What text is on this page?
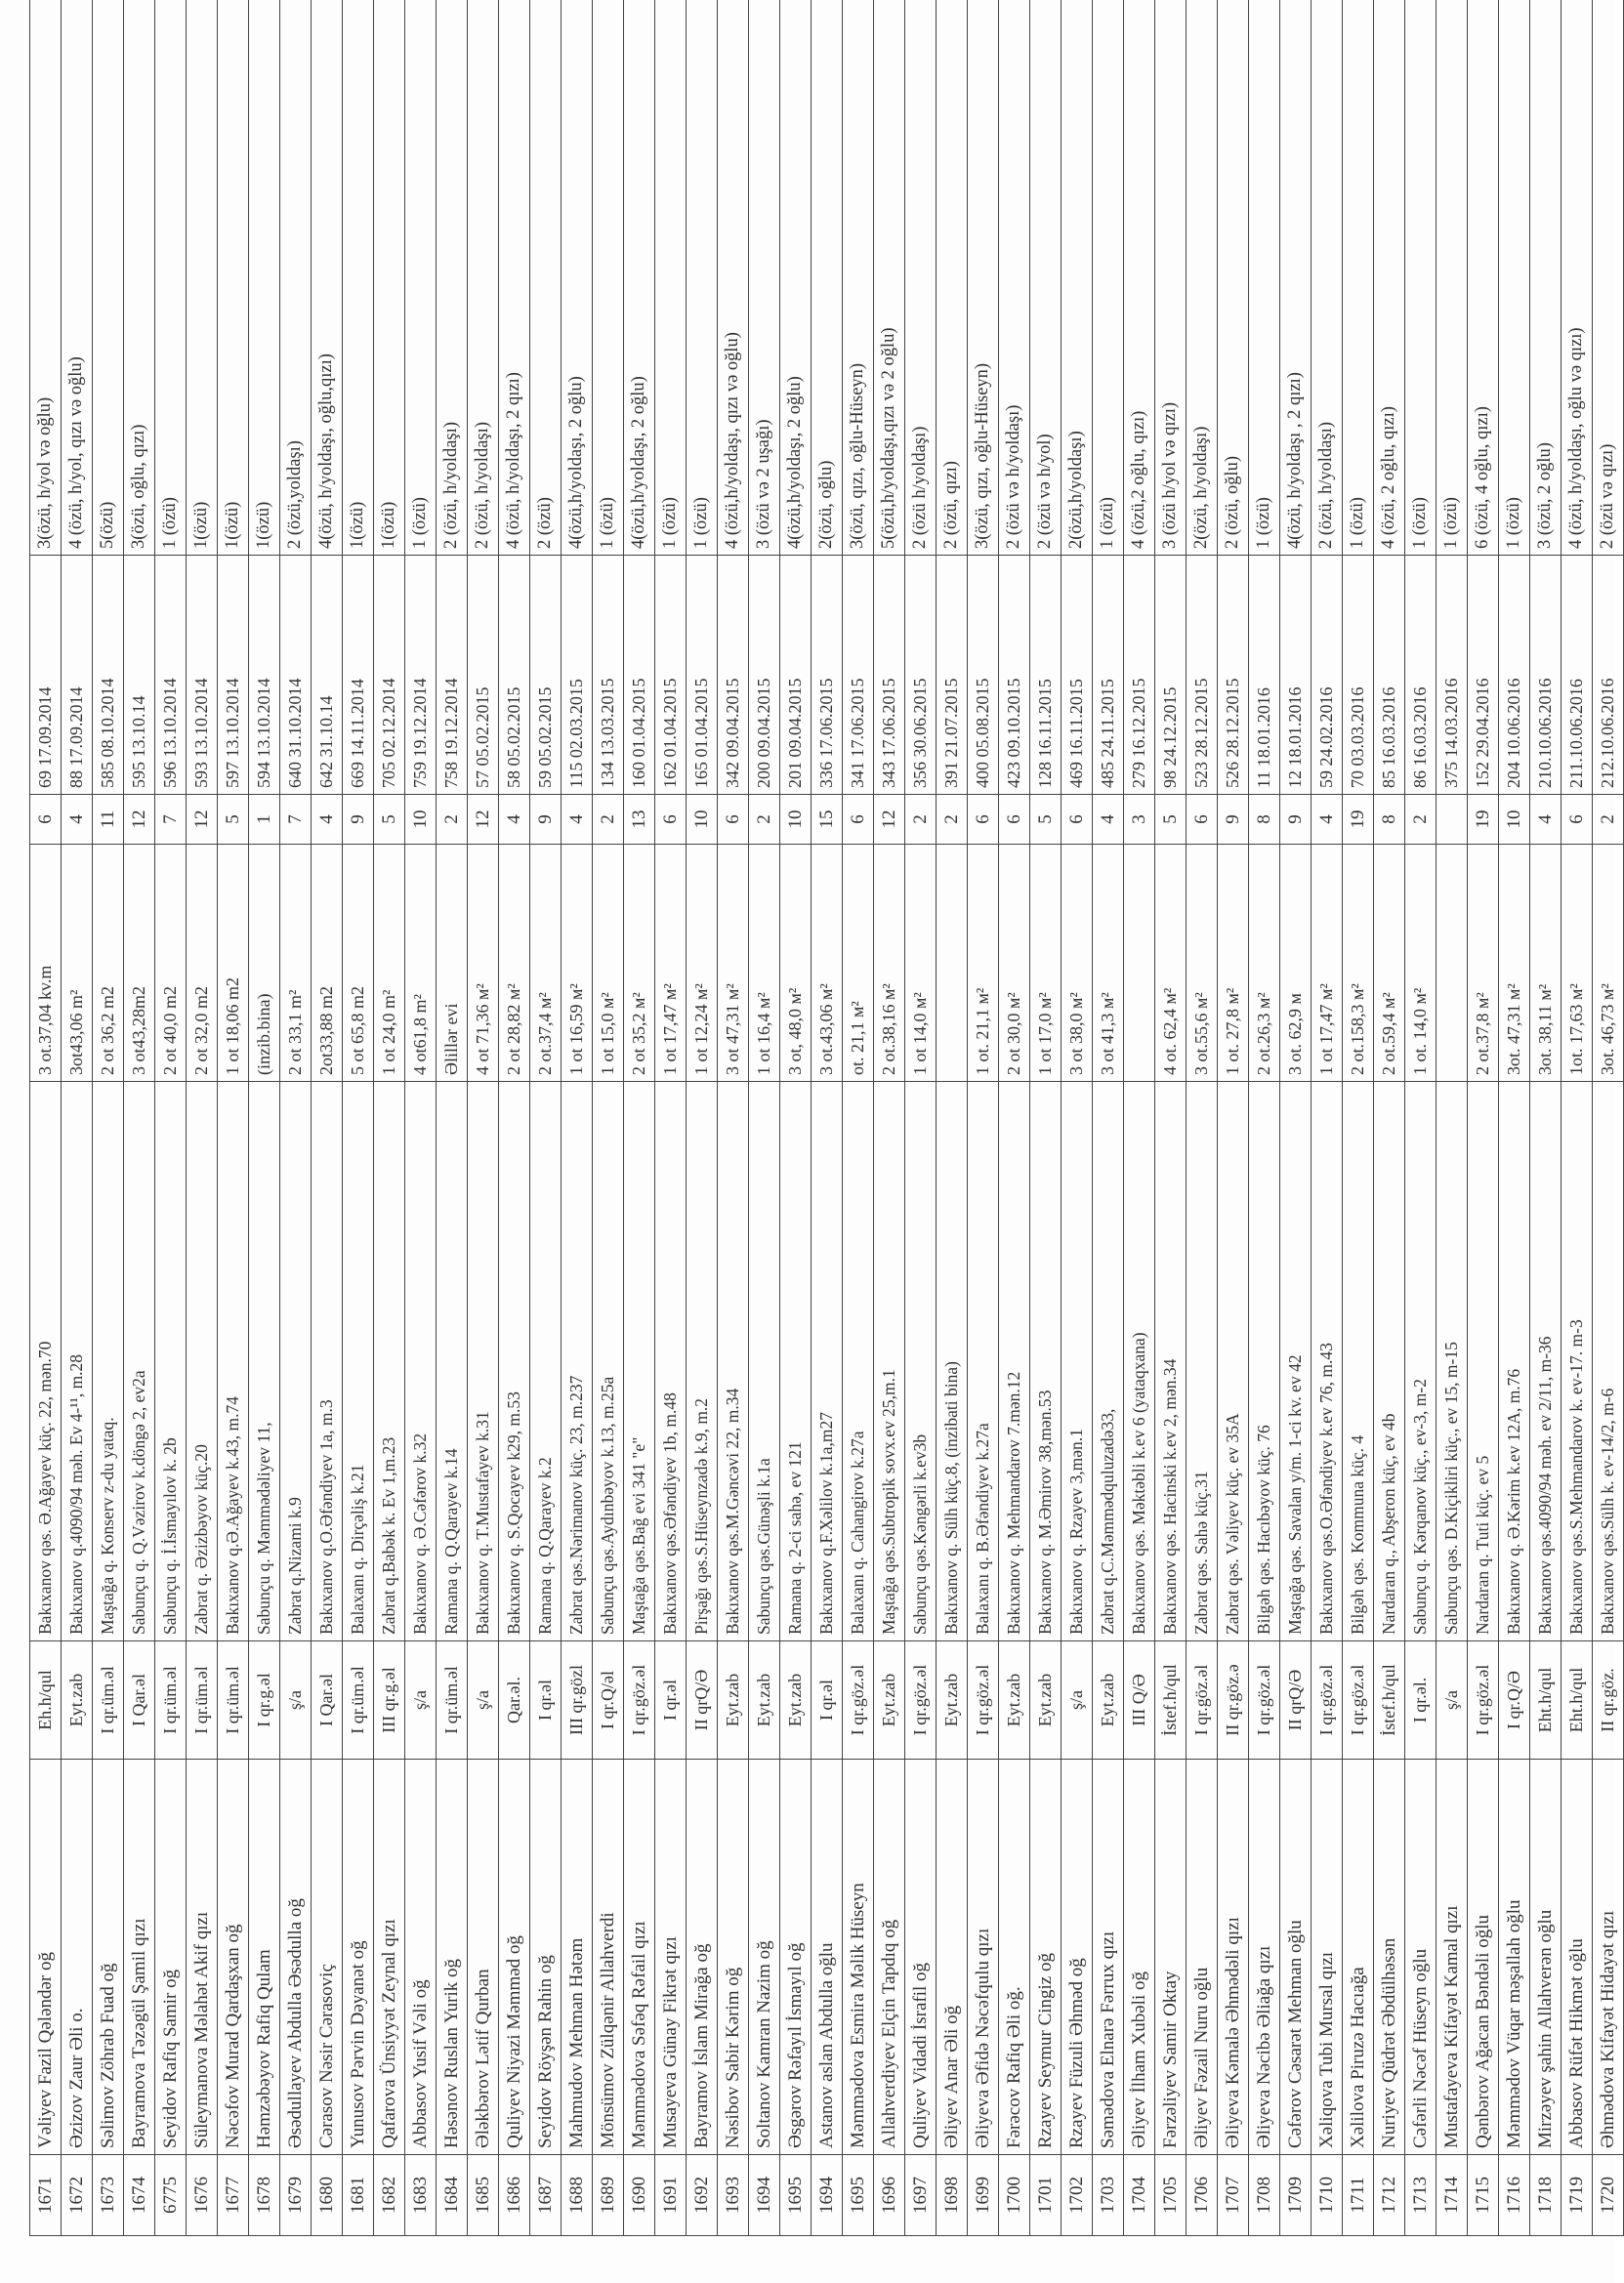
1671	Vəliyev Fazil Qələndər oğ	Eh.h/qul	Bakıxanov qəs. Ə.Ağayev küç. 22, mən.70	3 ot.37,04 kv.m	6	69 17.09.2014	3(özü, h/yol və oğlu)
1672	Əzizov Zaur Əli o.	Eyt.zab	Bakıxanov q.4090/94 məh. Ev 4-¹¹, m.28	3ot43,06 m²	4	88 17.09.2014	4 (özü, h/yol, qızı və oğlu)
1673	Səlimov Zöhrab Fuad oğ	I qr.üm.əl	Maştağa q. Konserv z-du yataq.	2 ot 36,2 m2	11	585 08.10.2014	5(özü)
1674	Bayramova Təzəgül Şamil qızı	I Qar.əl	Sabunçu q. Q.Vəzirov k.döngə 2, ev2a	3 ot43,28m2	12	595 13.10.14	3(özü, oğlu, qızı)
6775	Seyidov Rafiq Samir oğ	I qr.üm.əl	Sabunçu q. İ.İsmayılov k. 2b	2 ot 40,0 m2	7	596 13.10.2014	1 (özü)
1676	Süleymanova Məlahət Akif qızı	I qr.üm.əl	Zabrat q. Əzizbəyov küç.20	2 ot 32,0 m2	12	593 13.10.2014	1(özü)
1677	Nəcəfov Murad Qardaşxan oğ	I qr.üm.əl	Bakıxanov q.Ə.Ağayev k.43, m.74	1 ot 18,06 m2	5	597 13.10.2014	1(özü)
1678	Həmzəbəyov Rafiq Qulam	I qr.g.əl	Sabunçu q. Məmmədəliyev 11,	(inzib.bina)	1	594 13.10.2014	1(özü)
1679	Əsədullayev Abdulla Əsədulla oğ	ş/a	Zabrat q.Nizami k.9	2 ot 33,1 m²	7	640 31.10.2014	2 (özü,yoldaşı)
1680	Cərasov Nəsir Cərasoviç	I Qar.əl	Bakıxanov q.O.Əfəndiyev 1a, m.3	2ot33,88 m2	4	642 31.10.14	4(özü, h/yoldaşı, oğlu,qızı)
1681	Yunusov Pərvin Dəyanət oğ	I qr.üm.əl	Balaxanı q. Dirçəliş k.21	5 ot 65,8 m2	9	669 14.11.2014	1(özü)
1682	Qafarova Ünsiyyət Zeynal qızı	III qr.g.əl	Zabrat q.Babək k. Ev 1,m.23	1 ot 24,0 m²	5	705 02.12.2014	1(özü)
1683	Abbasov Yusif Vəli oğ	ş/a	Bakıxanov q. Ə.Cəfərov k.32	4 ot61,8 m²	10	759 19.12.2014	1 (özü)
1684	Həsənov Ruslan Yurik oğ	I qr.üm.əl	Ramana q. Q.Qarayev k.14	Əlillər evi	2	758 19.12.2014	2 (özü, h/yoldaşı)
1685	Ələkbərov Lətif Qurban	ş/a	Bakıxanov q. T.Mustafayev k.31	4 ot 71,36 м²	12	57 05.02.2015	2 (özü, h/yoldaşı)
1686	Quliyev Niyazi Məmməd oğ	Qar.əl.	Bakıxanov q. S.Qocayev k29, m.53	2 ot 28,82 м²	4	58 05.02.2015	4 (özü, h/yoldaşı, 2 qızı)
1687	Seyidov Röyşən Rahin oğ	I qr.əl	Ramana q. Q.Qarayev k.2	2 ot.37,4 м²	9	59 05.02.2015	2 (özü)
1688	Mahmudov Mehman Hətəm	III qr.gözl	Zabrat qəs.Nərimanov küç. 23, m.237	1 ot 16,59 м²	4	115 02.03.2015	4(özü,h/yoldaşı, 2 oğlu)
1689	Mönsümov Zülqənir Allahverdi	I qr.Q/əl	Sabunçu qəs.Aydınbəyov k.13, m.25a	1 ot 15,0 м²	2	134 13.03.2015	1 (özü)
1690	Məmmədova Səfəq Rəfail qızı	I qr.göz.əl	Maştağa qəs.Bağ evi 341 "e"	2 ot 35,2 м²	13	160 01.04.2015	4(özü,h/yoldaşı, 2 oğlu)
1691	Musayeva Günay Fikrət qızı	I qr.əl	Bakıxanov qəs.Əfəndiyev 1b, m.48	1 ot 17,47 м²	6	162 01.04.2015	1 (özü)
1692	Bayramov İslam Mirağa oğ	II qrQ/Ə	Pirşağı qəs.S.Hüseynzadə k.9, m.2	1 ot 12,24 м²	10	165 01.04.2015	1 (özü)
1693	Nəsibov Sabir Kərim oğ	Eyt.zab	Bakıxanov qəs.M.Gəncəvi 22, m.34	3 ot 47,31 м²	6	342 09.04.2015	4 (özü,h/yoldaşı, qızı və oğlu)
1694	Soltanov Kamran Nazim oğ	Eyt.zab	Sabunçu qəs.Günəşli k.1a	1 ot 16,4 м²	2	200 09.04.2015	3 (özü və 2 uşağı)
1695	Əsgərov Rəfayıl İsmayıl oğ	Eyt.zab	Ramana q. 2-ci sahə, ev 121	3 ot, 48,0 м²	10	201 09.04.2015	4(özü,h/yoldaşı, 2 oğlu)
1694	Astanov aslan Abdulla oğlu	I qr.əl	Bakıxanov q.F.Xəlilov k.1a,m27	3 ot.43,06 м²	15	336 17.06.2015	2(özü, oğlu)
1695	Məmmədova Esmira Məlik Hüseyn	I qr.göz.əl	Balaxanı q. Cahangirov k.27a	ot. 21,1 м²	6	341 17.06.2015	3(özü, qızı, oğlu-Hüseyn)
1696	Allahverdiyev Elçin Tapdıq oğ	Eyt.zab	Maştağa qəs.Subtropik sovx.ev 25,m.1	2 ot.38,16 м²	12	343 17.06.2015	5(özü,h/yoldaşı,qızı və 2 oğlu)
1697	Quliyev Vidadi İsrafil oğ	I qr.göz.əl	Sabunçu qəs.Kəngərli k.ev3b	1 ot 14,0 м²	2	356 30.06.2015	2 (özü h/yoldaşı)
1698	Əliyev Anar Əli oğ	Eyt.zab	Bakıxanov q. Sülh küç.8, (inzibati bina)		2	391 21.07.2015	2 (özü, qızı)
1699	Əliyeva Əfidə Nəcəfqulu qızı	I qr.göz.əl	Balaxanı q. B.Əfəndiyev k.27a	1 ot. 21,1 м²	6	400 05.08.2015	3(özü, qızı, oğlu-Hüseyn)
1700	Fərəcov Rafiq Əli oğ.	Eyt.zab	Bakıxanov q. Mehmandarov 7.mən.12	2 ot 30,0 м²	6	423 09.10.2015	2 (özü və h/yoldaşı)
1701	Rzayev Seymur Cingiz oğ	Eyt.zab	Bakıxanov q. M.Əmirov 38,mən.53	1 ot 17,0 м²	5	128 16.11.2015	2 (özü və h/yol)
1702	Rzayev Füzuli Əhməd oğ	ş/a	Bakıxanov q. Rzayev 3,mən.1	3 ot 38,0 м²	6	469 16.11.2015	2(özü,h/yoldaşı)
1703	Səmədova Elnarə Fərrux qızı	Eyt.zab	Zabrat q.C.Məmmədquluzadə33,	3 ot 41,3 м²	4	485 24.11.2015	1 (özü)
1704	Əliyev İlham Xubəli oğ	III Q/Ə	Bakıxanov qəs. Məktəbli k.ev 6 (yataqxana)		3	279 16.12.2015	4 (özü,2 oğlu, qızı)
1705	Fərzəliyev Samir Oktay	İstef.h/qul	Bakıxanov qəs. Hacinski k.ev 2, mən.34	4 ot. 62,4 м²	5	98 24.12.2015	3 (özü h/yol və qızı)
1706	Əliyev Fəzail Nuru oğlu	I qr.göz.əl	Zabrat qəs. Sahə küç.31	3 ot.55,6 м²	6	523 28.12.2015	2(özü, h/yoldaşı)
1707	Əliyeva Kəmalə Əhmədəli qızı	II qr.göz.ə	Zabrat qəs. Vəliyev küç. ev 35A	1 ot. 27,8 м²	9	526 28.12.2015	2 (özü, oğlu)
1708	Əliyeva Nəcibə Əliağa qızı	I qr.göz.əl	Bilgəh qəs. Hacıbəyov küç. 76	2 ot.26,3 м²	8	11 18.01.2016	1 (özü)
1709	Cəfərov Cəsarət Mehman oğlu	II qrQ/Ə	Maştağa qəs. Savalan y/m. 1-ci kv. ev 42	3 ot. 62,9 м	9	12 18.01.2016	4(özü, h/yoldaşı , 2 qızı)
1710	Xəliqova Tubi Mursal qızı	I qr.göz.əl	Bakıxanov qəs.O.Əfəndiyev k.ev 76, m.43	1 ot 17,47 м²	4	59 24.02.2016	2 (özü, h/yoldaşı)
1711	Xəlilova Piruzə Hacıağa	I qr.göz.əl	Bilgəh qəs. Kommuna küç. 4	2 ot.158,3 м²	19	70 03.03.2016	1 (özü)
1712	Nuriyev Qüdrət Əbdülhəsən	İstef.h/qul	Nardaran q., Abşeron küç, ev 4b	2 ot.59,4 м²	8	85 16.03.2016	4 (özü, 2 oğlu, qızı)
1713	Cəfərli Nəcəf Hüseyn oğlu	I qr.əl.	Sabunçu q. Kərqanov küç., ev-3, m-2	1 ot. 14,0 м²	2	86 16.03.2016	1 (özü)
1714	Mustafayeva Kifayət Kamal qızı	ş/a	Sabunçu qəs. D.Kiçikliri küç., ev 15, m-15			375 14.03.2016	1 (özü)
1715	Qənbərov Ağacan Bəndəli oğlu	I qr.göz.əl	Nardaran q. Tuti küç. ev 5	2 ot.37,8 м²	19	152 29.04.2016	6 (özü, 4 oğlu, qızı)
1716	Məmmədov Vüqar məşallah oğlu	I qr.Q/Ə	Bakıxanov q. Ə.Kərim k.ev 12A, m.76	3ot. 47,31 м²	10	204 10.06.2016	1 (özü)
1718	Mirzəyev şahin Allahverən oğlu	Eht.h/qul	Bakıxanov qəs.4090/94 məh. ev 2/11, m-36	3ot. 38,11 м²	4	210.10.06.2016	3 (özü, 2 oğlu)
1719	Abbasov Rüfət Hikmət oğlu	Eht.h/qul	Bakıxanov qəs.S.Mehmandarov k. ev-17. m-3	1ot. 17,63 м²	6	211.10.06.2016	4 (özü, h/yoldaşı, oğlu və qızı)
1720	Əhmədova Kifayət Hidayət qızı	II qr.göz.	Bakıxanov qəs.Sülh k. ev-14/2, m-6	3ot. 46,73 м²	2	212.10.06.2016	2 (özü və qızı)
